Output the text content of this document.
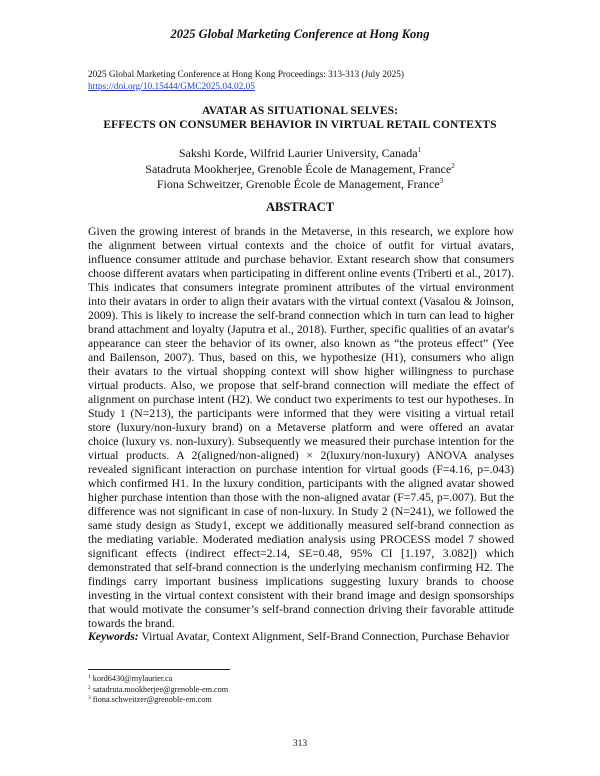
2025 Global Marketing Conference at Hong Kong
2025 Global Marketing Conference at Hong Kong Proceedings: 313-313 (July 2025)
https://doi.org/10.15444/GMC2025.04.02.05
AVATAR AS SITUATIONAL SELVES:
EFFECTS ON CONSUMER BEHAVIOR IN VIRTUAL RETAIL CONTEXTS
Sakshi Korde, Wilfrid Laurier University, Canada$^1$
Satadruta Mookherjee, Grenoble École de Management, France$^2$
Fiona Schweitzer, Grenoble École de Management, France$^3$
ABSTRACT
Given the growing interest of brands in the Metaverse, in this research, we explore how the alignment between virtual contexts and the choice of outfit for virtual avatars, influence consumer attitude and purchase behavior. Extant research show that consumers choose different avatars when participating in different online events (Triberti et al., 2017). This indicates that consumers integrate prominent attributes of the virtual environment into their avatars in order to align their avatars with the virtual context (Vasalou & Joinson, 2009). This is likely to increase the self-brand connection which in turn can lead to higher brand attachment and loyalty (Japutra et al., 2018). Further, specific qualities of an avatar's appearance can steer the behavior of its owner, also known as “the proteus effect” (Yee and Bailenson, 2007). Thus, based on this, we hypothesize (H1), consumers who align their avatars to the virtual shopping context will show higher willingness to purchase virtual products. Also, we propose that self-brand connection will mediate the effect of alignment on purchase intent (H2). We conduct two experiments to test our hypotheses. In Study 1 (N=213), the participants were informed that they were visiting a virtual retail store (luxury/non-luxury brand) on a Metaverse platform and were offered an avatar choice (luxury vs. non-luxury). Subsequently we measured their purchase intention for the virtual products. A 2(aligned/non-aligned) × 2(luxury/non-luxury) ANOVA analyses revealed significant interaction on purchase intention for virtual goods (F=4.16, p=.043) which confirmed H1. In the luxury condition, participants with the aligned avatar showed higher purchase intention than those with the non-aligned avatar (F=7.45, p=.007). But the difference was not significant in case of non-luxury. In Study 2 (N=241), we followed the same study design as Study1, except we additionally measured self-brand connection as the mediating variable. Moderated mediation analysis using PROCESS model 7 showed significant effects (indirect effect=2.14, SE=0.48, 95% CI [1.197, 3.082]) which demonstrated that self-brand connection is the underlying mechanism confirming H2. The findings carry important business implications suggesting luxury brands to choose investing in the virtual context consistent with their brand image and design sponsorships that would motivate the consumer’s self-brand connection driving their favorable attitude towards the brand.
Keywords: Virtual Avatar, Context Alignment, Self-Brand Connection, Purchase Behavior
$^1$ kord6430@mylaurier.ca
$^2$ satadruta.mookherjee@grenoble-em.com
$^3$ fiona.schweitzer@grenoble-em.com
313
